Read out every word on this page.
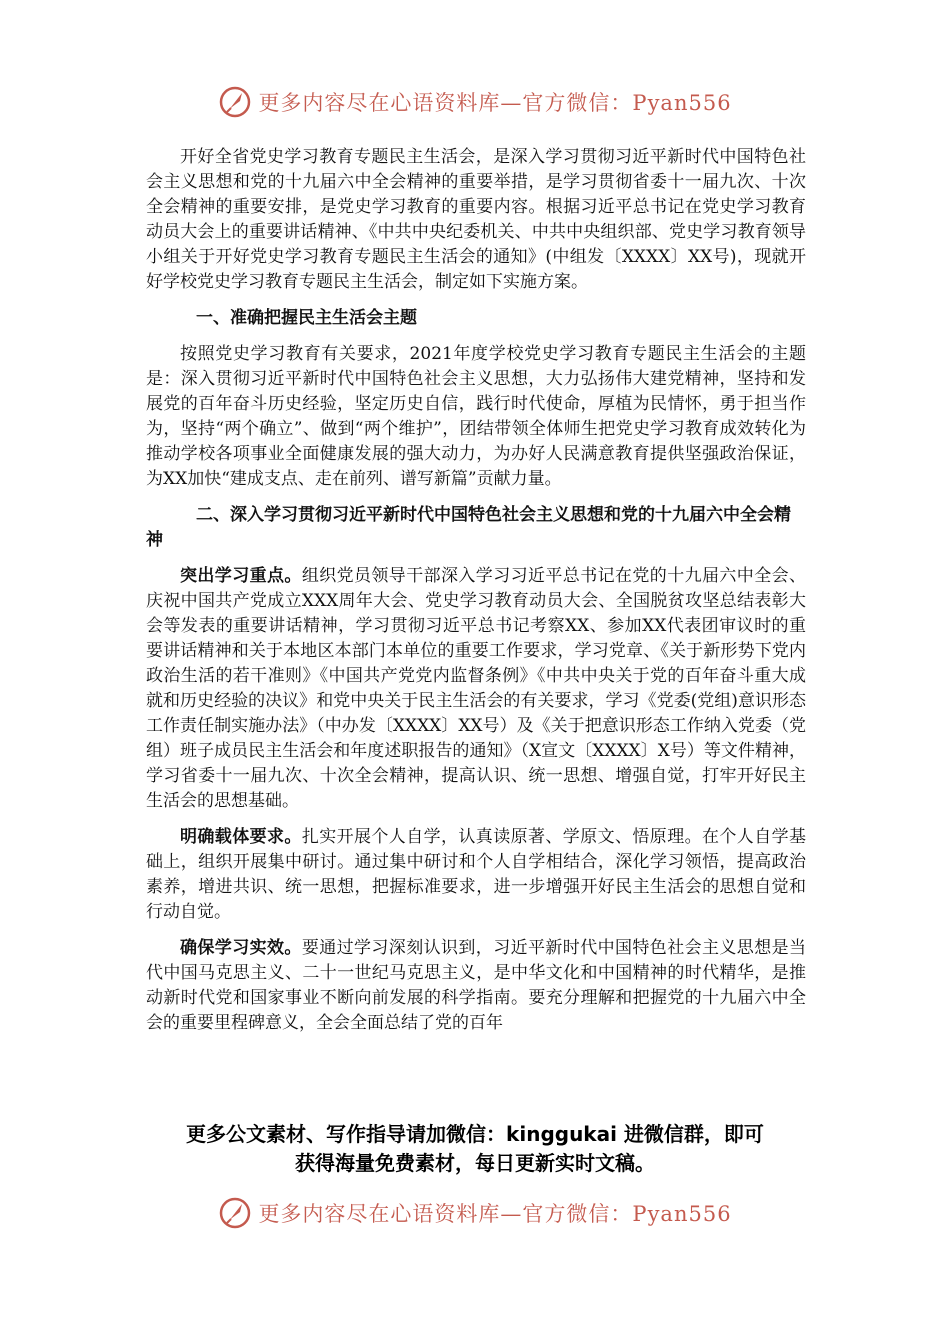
更多内容尽在心语资料库—官方微信：Pyan556

开好全省党史学习教育专题民主生活会，是深入学习贯彻习近平新时代中国特色社会主义思想和党的十九届六中全会精神的重要举措，是学习贯彻省委十一届九次、十次全会精神的重要安排，是党史学习教育的重要内容。根据习近平总书记在党史学习教育动员大会上的重要讲话精神、《中共中央纪委机关、中共中央组织部、党史学习教育领导小组关于开好党史学习教育专题民主生活会的通知》(中组发〔XXXX〕XX号)，现就开好学校党史学习教育专题民主生活会，制定如下实施方案。

一、准确把握民主生活会主题

按照党史学习教育有关要求，2021年度学校党史学习教育专题民主生活会的主题是：深入贯彻习近平新时代中国特色社会主义思想，大力弘扬伟大建党精神，坚持和发展党的百年奋斗历史经验，坚定历史自信，践行时代使命，厚植为民情怀，勇于担当作为，坚持“两个确立”、做到“两个维护”，团结带领全体师生把党史学习教育成效转化为推动学校各项事业全面健康发展的强大动力，为办好人民满意教育提供坚强政治保证，为XX加快“建成支点、走在前列、谱写新篇”贡献力量。

二、深入学习贯彻习近平新时代中国特色社会主义思想和党的十九届六中全会精神

突出学习重点。组织党员领导干部深入学习习近平总书记在党的十九届六中全会、庆祝中国共产党成立XXX周年大会、党史学习教育动员大会、全国脱贫攻坚总结表彰大会等发表的重要讲话精神，学习贯彻习近平总书记考察XX、参加XX代表团审议时的重要讲话精神和关于本地区本部门本单位的重要工作要求，学习党章、《关于新形势下党内政治生活的若干准则》《中国共产党党内监督条例》《中共中央关于党的百年奋斗重大成就和历史经验的决议》和党中央关于民主生活会的有关要求，学习《党委(党组)意识形态工作责任制实施办法》（中办发〔XXXX〕XX号）及《关于把意识形态工作纳入党委（党组）班子成员民主生活会和年度述职报告的通知》（X宣文〔XXXX〕X号）等文件精神，学习省委十一届九次、十次全会精神，提高认识、统一思想、增强自觉，打牢开好民主生活会的思想基础。

明确载体要求。扎实开展个人自学，认真读原著、学原文、悟原理。在个人自学基础上，组织开展集中研讨。通过集中研讨和个人自学相结合，深化学习领悟，提高政治素养，增进共识、统一思想，把握标准要求，进一步增强开好民主生活会的思想自觉和行动自觉。

确保学习实效。要通过学习深刻认识到，习近平新时代中国特色社会主义思想是当代中国马克思主义、二十一世纪马克思主义，是中华文化和中国精神的时代精华，是推动新时代党和国家事业不断向前发展的科学指南。要充分理解和把握党的十九届六中全会的重要里程碑意义，全会全面总结了党的百年

更多公文素材、写作指导请加微信：kinggukai 进微信群，即可
获得海量免费素材，每日更新实时文稿。
更多内容尽在心语资料库—官方微信：Pyan556
